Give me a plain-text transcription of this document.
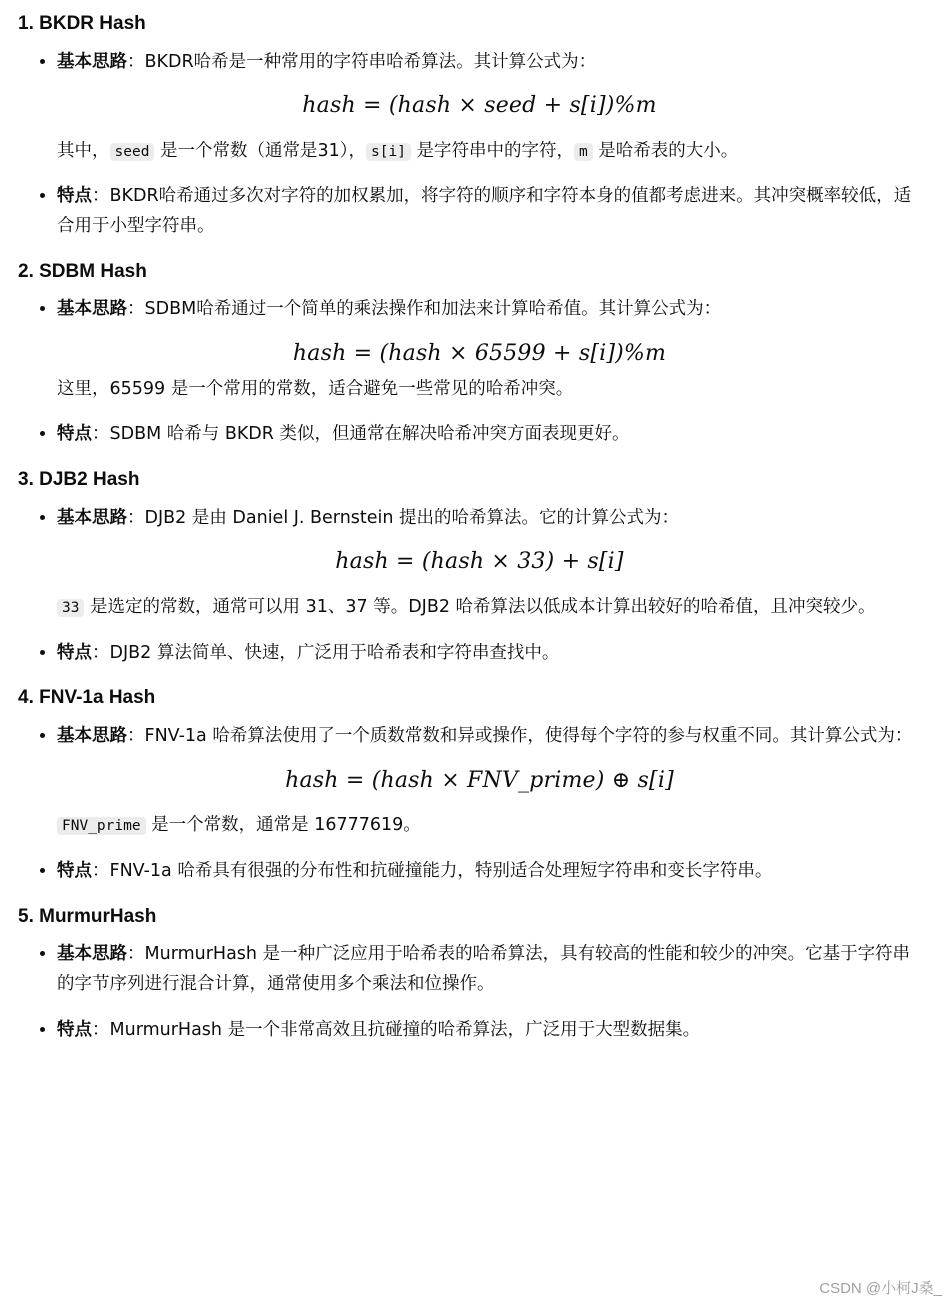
1. BKDR Hash
• 基本思路：BKDR哈希是一种常用的字符串哈希算法。其计算公式为：
hash = (hash × seed + s[i])%m
其中， seed 是一个常数（通常是31）， s[i] 是字符串中的字符， m 是哈希表的大小。
• 特点：BKDR哈希通过多次对字符的加权累加，将字符的顺序和字符本身的值都考虑进来。其冲突概率较低，适合用于小型字符串。
2. SDBM Hash
• 基本思路：SDBM哈希通过一个简单的乘法操作和加法来计算哈希值。其计算公式为：
hash = (hash × 65599 + s[i])%m
这里，65599 是一个常用的常数，适合避免一些常见的哈希冲突。
• 特点：SDBM 哈希与 BKDR 类似，但通常在解决哈希冲突方面表现更好。
3. DJB2 Hash
• 基本思路：DJB2 是由 Daniel J. Bernstein 提出的哈希算法。它的计算公式为：
hash = (hash × 33) + s[i]
33 是选定的常数，通常可以用 31、37 等。DJB2 哈希算法以低成本计算出较好的哈希值，且冲突较少。
• 特点：DJB2 算法简单、快速，广泛用于哈希表和字符串查找中。
4. FNV-1a Hash
• 基本思路：FNV-1a 哈希算法使用了一个质数常数和异或操作，使得每个字符的参与权重不同。其计算公式为：
hash = (hash × FNV_prime) ⊕ s[i]
FNV_prime 是一个常数，通常是 16777619。
• 特点：FNV-1a 哈希具有很强的分布性和抗碰撞能力，特别适合处理短字符串和变长字符串。
5. MurmurHash
• 基本思路：MurmurHash 是一种广泛应用于哈希表的哈希算法，具有较高的性能和较少的冲突。它基于字符串的字节序列进行混合计算，通常使用多个乘法和位操作。
• 特点：MurmurHash 是一个非常高效且抗碰撞的哈希算法，广泛用于大型数据集。
CSDN @小柯J桑_
